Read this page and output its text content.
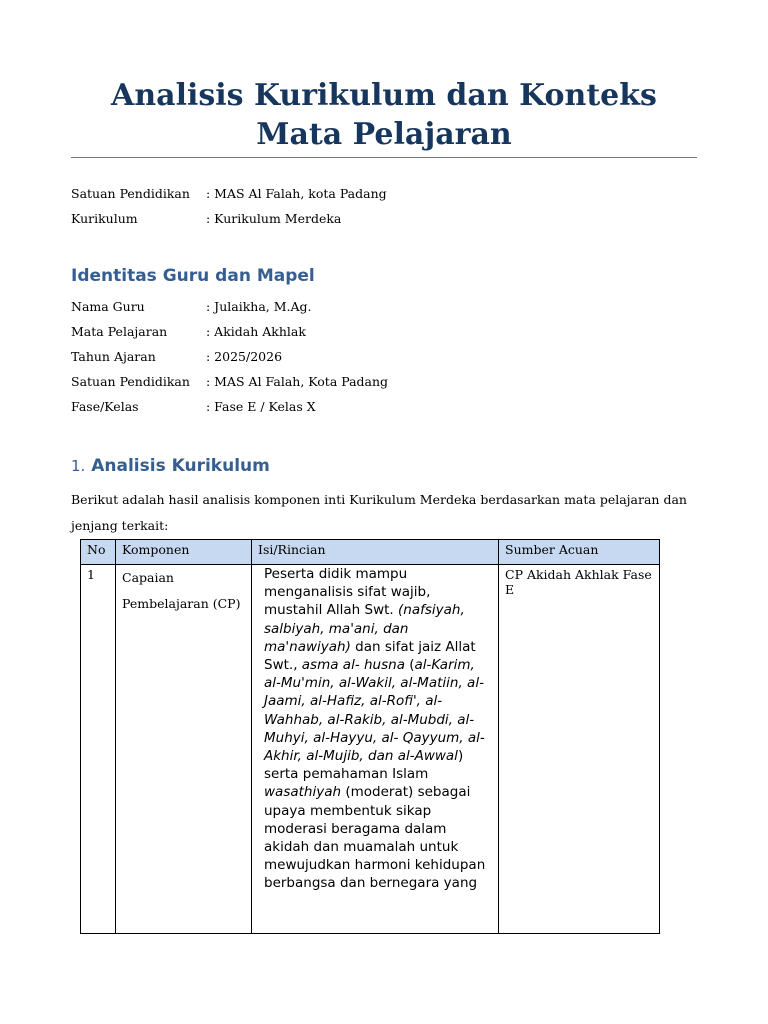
Analisis Kurikulum dan Konteks Mata Pelajaran
Satuan Pendidikan : MAS Al Falah, kota Padang
Kurikulum	: Kurikulum Merdeka
Identitas Guru dan Mapel
Nama Guru	: Julaikha, M.Ag.
Mata Pelajaran	: Akidah Akhlak
Tahun Ajaran	: 2025/2026
Satuan Pendidikan : MAS Al Falah, Kota Padang
Fase/Kelas	: Fase E / Kelas X
1. Analisis Kurikulum
Berikut adalah hasil analisis komponen inti Kurikulum Merdeka berdasarkan mata pelajaran dan jenjang terkait:
No	Komponen	Isi/Rincian	Sumber Acuan
1	Capaian Pembelajaran (CP)	Peserta didik mampu menganalisis sifat wajib, mustahil Allah Swt. (nafsiyah, salbiyah, ma'ani, dan ma'nawiyah) dan sifat jaiz Allat Swt., asma al- husna (al-Karim, al-Mu'min, al-Wakil, al-Matiin, al- Jaami, al-Hafiz, al-Rofi', al- Wahhab, al-Rakib, al-Mubdi, al-Muhyi, al-Hayyu, al- Qayyum, al-Akhir, al-Mujib, dan al-Awwal) serta pemahaman Islam wasathiyah (moderat) sebagai upaya membentuk sikap moderasi beragama dalam akidah dan muamalah untuk mewujudkan harmoni kehidupan berbangsa dan bernegara yang	CP Akidah Akhlak Fase E
